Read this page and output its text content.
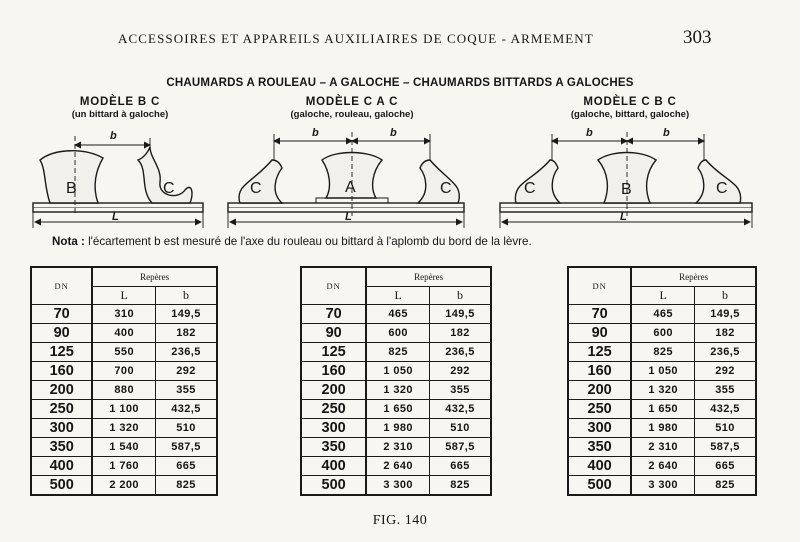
ACCESSOIRES ET APPAREILS AUXILIAIRES DE COQUE - ARMEMENT	303
CHAUMARDS A ROULEAU – A GALOCHE – CHAUMARDS BITTARDS A GALOCHES
MODÈLE B C
(un bittard à galoche)
MODÈLE C A C
(galoche, rouleau, galoche)
MODÈLE C B C
(galoche, bittard, galoche)
b
B	C
L
b	b
C	A	C
L
b	b
C	B	C
L
Nota : l'écartement b est mesuré de l'axe du rouleau ou bittard à l'aplomb du bord de la lèvre.
DN	Repères	
	L	b
70	310	149,5
90	400	182
125	550	236,5
160	700	292
200	880	355
250	1 100	432,5
300	1 320	510
350	1 540	587,5
400	1 760	665
500	2 200	825
DN	Repères	
	L	b
70	465	149,5
90	600	182
125	825	236,5
160	1 050	292
200	1 320	355
250	1 650	432,5
300	1 980	510
350	2 310	587,5
400	2 640	665
500	3 300	825
DN	Repères	
	L	b
70	465	149,5
90	600	182
125	825	236,5
160	1 050	292
200	1 320	355
250	1 650	432,5
300	1 980	510
350	2 310	587,5
400	2 640	665
500	3 300	825
FIG. 140
